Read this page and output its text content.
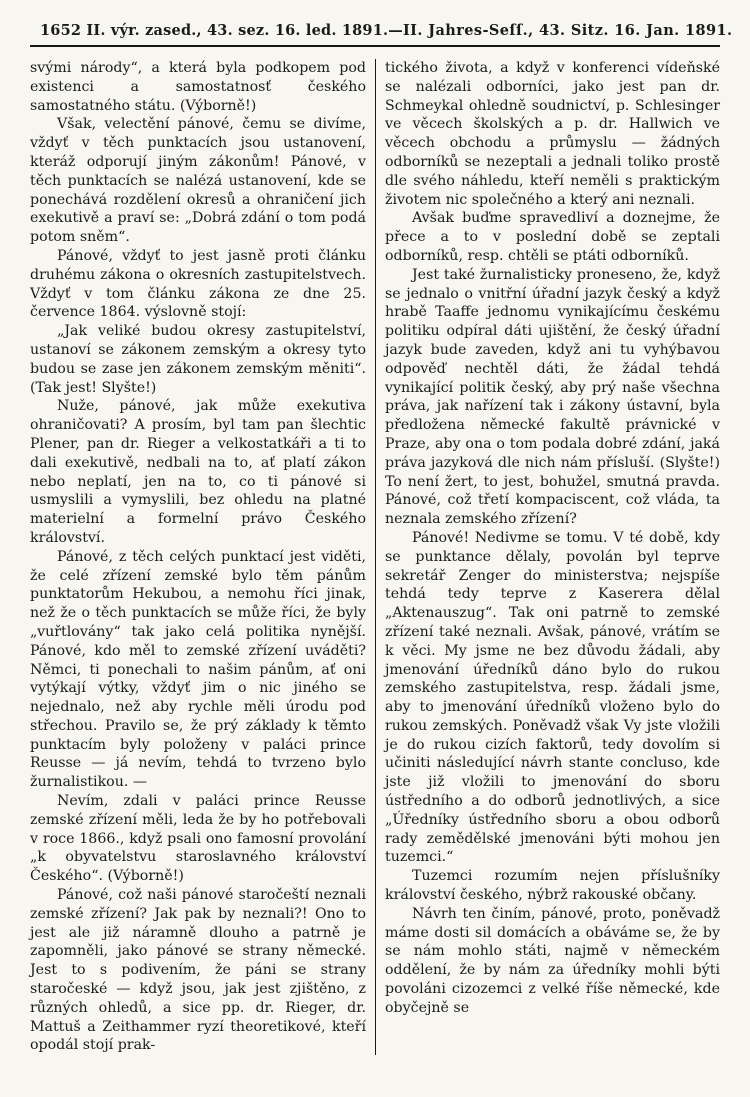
1652 II. výr. zased., 43. sez. 16. led. 1891. — II. Jahres-Seſſ., 43. Sitz. 16. Jan. 1891.

svými národy“, a která byla podkopem pod existenci a samostatnosť českého samostatného státu. (Výborně!)

Však, velectění pánové, čemu se divíme, vždyť v těch punktacích jsou ustanovení, kteráž odporují jiným zákonům! Pánové, v těch punktacích se nalézá ustanovení, kde se ponechává rozdělení okresů a ohraničení jich exekutivě a praví se: „Dobrá zdání o tom podá potom sněm“.

Pánové, vždyť to jest jasně proti článku druhému zákona o okresních zastupitelstvech. Vždyť v tom článku zákona ze dne 25. července 1864. výslovně stojí:

„Jak veliké budou okresy zastupitelství, ustanoví se zákonem zemským a okresy tyto budou se zase jen zákonem zemským měniti“. (Tak jest! Slyšte!)

Nuže, pánové, jak může exekutiva ohraničovati? A prosím, byl tam pan šlechtic Plener, pan dr. Rieger a velkostatkáři a ti to dali exekutivě, nedbali na to, ať platí zákon nebo neplatí, jen na to, co ti pánové si usmyslili a vymyslili, bez ohledu na platné materielní a formelní právo Českého království.

Pánové, z těch celých punktací jest viděti, že celé zřízení zemské bylo těm pánům punktatorům Hekubou, a nemohu říci jinak, než že o těch punktacích se může říci, že byly „vuřtlovány“ tak jako celá politika nynější. Pánové, kdo měl to zemské zřízení uváděti? Němci, ti ponechali to našim pánům, ať oni vytýkají výtky, vždyť jim o nic jiného se nejednalo, než aby rychle měli úrodu pod střechou. Pravilo se, že prý základy k těmto punktacím byly položeny v paláci prince Reusse — já nevím, tehdá to tvrzeno bylo žurnalistikou. —

Nevím, zdali v paláci prince Reusse zemské zřízení měli, leda že by ho potřebovali v roce 1866., když psali ono famosní provolání „k obyvatelstvu staroslavného království Českého“. (Výborně!)

Pánové, což naši pánové staročeští neznali zemské zřízení? Jak pak by neznali?! Ono to jest ale již náramně dlouho a patrně je zapomněli, jako pánové se strany německé. Jest to s podivením, že páni se strany staročeské — když jsou, jak jest zjištěno, z různých ohledů, a sice pp. dr. Rieger, dr. Mattuš a Zeithammer ryzí theoretikové, kteří opodál stojí prak-

tického života, a když v konferenci vídeňské se nalézali odborníci, jako jest pan dr. Schmeykal ohledně soudnictví, p. Schlesinger ve věcech školských a p. dr. Hallwich ve věcech obchodu a průmyslu — žádných odborníků se nezeptali a jednali toliko prostě dle svého náhledu, kteří neměli s praktickým životem nic společného a který ani neznali.

Avšak buďme spravedliví a doznejme, že přece a to v poslední době se zeptali odborníků, resp. chtěli se ptáti odborníků.

Jest také žurnalisticky proneseno, že, když se jednalo o vnitřní úřadní jazyk český a když hrabě Taaffe jednomu vynikajícímu českému politiku odpíral dáti ujištění, že český úřadní jazyk bude zaveden, když ani tu vyhýbavou odpověď nechtěl dáti, že žádal tehdá vynikající politik český, aby prý naše všechna práva, jak nařízení tak i zákony ústavní, byla předložena německé fakultě právnické v Praze, aby ona o tom podala dobré zdání, jaká práva jazyková dle nich nám přísluší. (Slyšte!) To není žert, to jest, bohužel, smutná pravda. Pánové, což třetí kompaciscent, což vláda, ta neznala zemského zřízení?

Pánové! Nedivme se tomu. V té době, kdy se punktance dělaly, povolán byl teprve sekretář Zenger do ministerstva; nejspíše tehdá tedy teprve z Kaserera dělal „Aktenauszug“. Tak oni patrně to zemské zřízení také neznali. Avšak, pánové, vrátím se k věci. My jsme ne bez důvodu žádali, aby jmenování úředníků dáno bylo do rukou zemského zastupitelstva, resp. žádali jsme, aby to jmenování úředníků vloženo bylo do rukou zemských. Poněvadž však Vy jste vložili je do rukou cizích faktorů, tedy dovolím si učiniti následující návrh stante concluso, kde jste již vložili to jmenování do sboru ústředního a do odborů jednotlivých, a sice „Úředníky ústředního sboru a obou odborů rady zemědělské jmenováni býti mohou jen tuzemci.“

Tuzemci rozumím nejen příslušníky království českého, nýbrž rakouské občany.

Návrh ten činím, pánové, proto, poněvadž máme dosti sil domácích a obáváme se, že by se nám mohlo státi, najmě v německém oddělení, že by nám za úředníky mohli býti povoláni cizozemci z velké říše německé, kde obyčejně se
